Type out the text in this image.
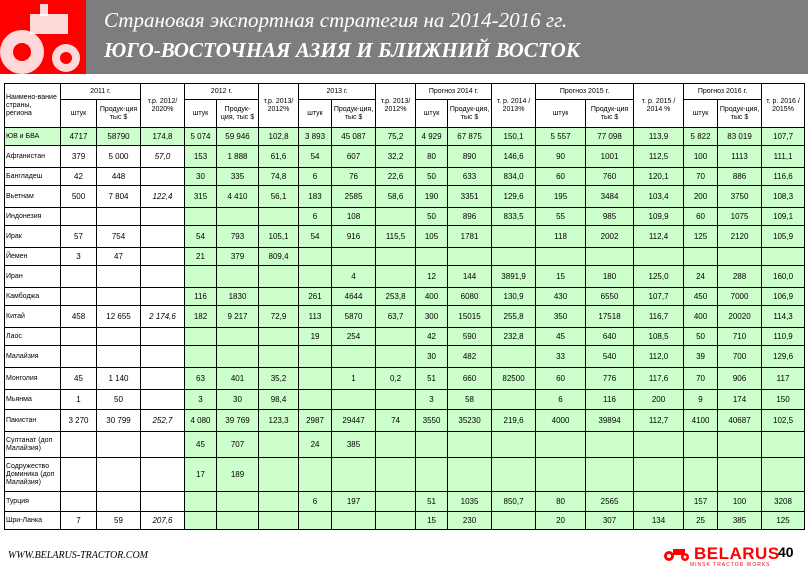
Страновая экспортная стратегия на 2014-2016 гг.
ЮГО-ВОСТОЧНАЯ АЗИЯ И БЛИЖНИЙ ВОСТОК
Наимено-вание страны, региона	2011 г.		т.р. 2012/ 2020%	2012 г.		т.р. 2013/ 2012%	2013 г.		т.р. 2013/ 2012%	Прогноз 2014 г.		т. р. 2014 / 2013%	Прогноз 2015 г.		т. р. 2015 / 2014 %	Прогноз 2016 г.		т. р. 2016 / 2015%
	штук	Продук-ция тыс $		штук	Продук-ция, тыс $		штук	Продук-ция, тыс $		штук	Продук-ция, тыс $		штук	Продук-ция тыс $		штук	Продук-ция, тыс $	
ЮВ и БВА	4717	58790	174,8	5 074	59 946	102,8	3 893	45 087	75,2	4 929	67 875	150,1	5 557	77 098	113,9	5 822	83 019	107,7
Афганистан	379	5 000	57,0	153	1 888	61,6	54	607	32,2	80	890	146,6	90	1001	112,5	100	1113	111,1
Бангладеш	42	448		30	335	74,8	6	76	22,6	50	633	834,0	60	760	120,1	70	886	116,6
Вьетнам	500	7 804	122,4	315	4 410	56,1	183	2585	58,6	190	3351	129,6	195	3484	103,4	200	3750	108,3
Индонезия							6	108		50	896	833,5	55	985	109,9	60	1075	109,1
Ирак	57	754		54	793	105,1	54	916	115,5	105	1781		118	2002	112,4	125	2120	105,9
Йемен	3	47		21	379	809,4												
Иран								4		12	144	3891,9	15	180	125,0	24	288	160,0
Камбоджа				116	1830		261	4644	253,8	400	6080	130,9	430	6550	107,7	450	7000	106,9
Китай	458	12 655	2 174,6	182	9 217	72,9	113	5870	63,7	300	15015	255,8	350	17518	116,7	400	20020	114,3
Лаос							19	254		42	590	232,8	45	640	108,5	50	710	110,9
Малайзия										30	482		33	540	112,0	39	700	129,6
Монголия	45	1 140		63	401	35,2		1	0,2	51	660	82500	60	776	117,6	70	906	117
Мьянма	1	50		3	30	98,4				3	58		6	116	200	9	174	150
Пакистан	3 270	30 799	252,7	4 080	39 769	123,3	2987	29447	74	3550	35230	219,6	4000	39894	112,7	4100	40687	102,5
Султанат (доп Малайзия)				45	707		24	385										
Содружество Доминика (доп Малайзия)				17	189													
Турция							6	197		51	1035	850,7	80	2565		157	100	3208
Шри-Ланка	7	59	207,6							15	230		20	307	134	25	385	125
WWW.BELARUS-TRACTOR.COM	BELARUS
MINSK TRACTOR WORKS
40
